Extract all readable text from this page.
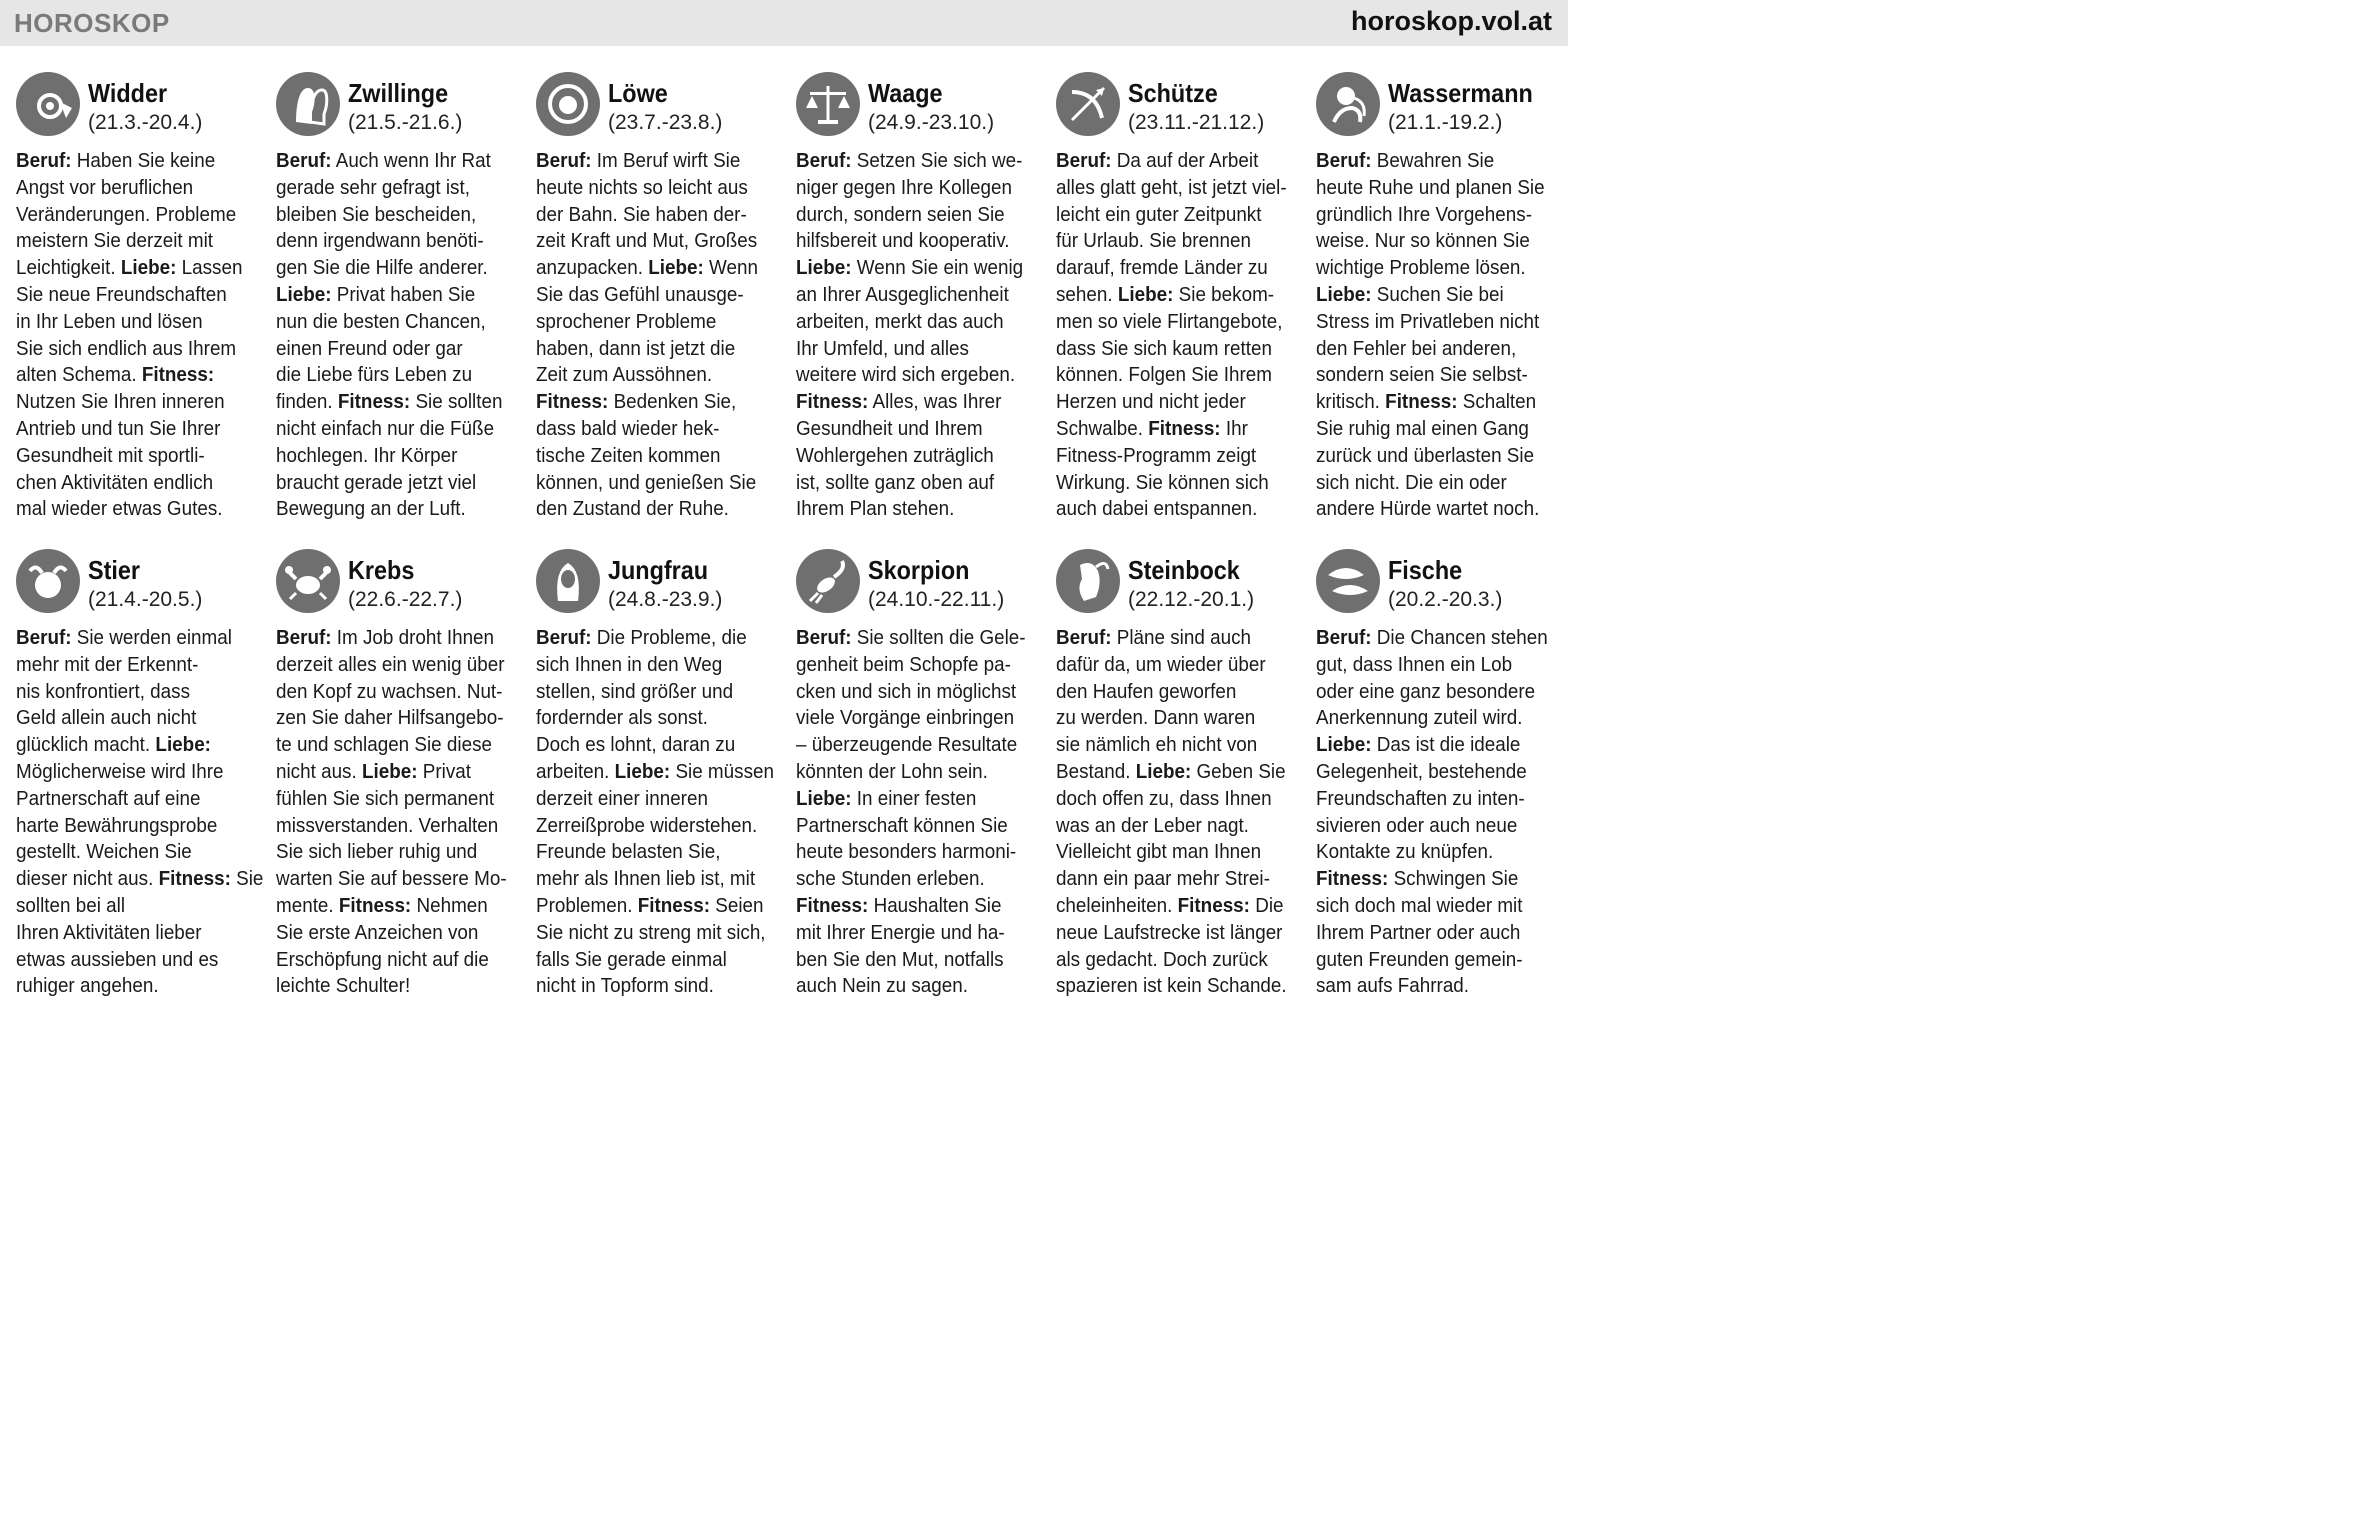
HOROSKOP	horoskop.vol.at
Widder
(21.3.-20.4.)
Beruf: Haben Sie keine
Angst vor beruflichen
Veränderungen. Probleme
meistern Sie derzeit mit
Leichtigkeit. Liebe: Lassen
Sie neue Freundschaften
in Ihr Leben und lösen
Sie sich endlich aus Ihrem
alten Schema. Fitness:
Nutzen Sie Ihren inneren
Antrieb und tun Sie Ihrer
Gesundheit mit sportli-
chen Aktivitäten endlich
mal wieder etwas Gutes.
Zwillinge
(21.5.-21.6.)
Beruf: Auch wenn Ihr Rat
gerade sehr gefragt ist,
bleiben Sie bescheiden,
denn irgendwann benöti-
gen Sie die Hilfe anderer. Liebe: Privat haben Sie
nun die besten Chancen,
einen Freund oder gar
die Liebe fürs Leben zu
finden. Fitness: Sie sollten
nicht einfach nur die Füße
hochlegen. Ihr Körper
braucht gerade jetzt viel
Bewegung an der Luft.
Löwe
(23.7.-23.8.)
Beruf: Im Beruf wirft Sie
heute nichts so leicht aus
der Bahn. Sie haben der-
zeit Kraft und Mut, Großes
anzupacken. Liebe: Wenn
Sie das Gefühl unausge-
sprochener Probleme
haben, dann ist jetzt die
Zeit zum Aussöhnen. Fitness: Bedenken Sie,
dass bald wieder hek-
tische Zeiten kommen
können, und genießen Sie
den Zustand der Ruhe.
Waage
(24.9.-23.10.)
Beruf: Setzen Sie sich we-
niger gegen Ihre Kollegen
durch, sondern seien Sie
hilfsbereit und kooperativ. Liebe: Wenn Sie ein wenig
an Ihrer Ausgeglichenheit
arbeiten, merkt das auch
Ihr Umfeld, und alles
weitere wird sich ergeben. Fitness: Alles, was Ihrer
Gesundheit und Ihrem
Wohlergehen zuträglich
ist, sollte ganz oben auf
Ihrem Plan stehen.
Schütze
(23.11.-21.12.)
Beruf: Da auf der Arbeit
alles glatt geht, ist jetzt viel-
leicht ein guter Zeitpunkt
für Urlaub. Sie brennen
darauf, fremde Länder zu
sehen. Liebe: Sie bekom-
men so viele Flirtangebote,
dass Sie sich kaum retten
können. Folgen Sie Ihrem
Herzen und nicht jeder
Schwalbe. Fitness: Ihr
Fitness-Programm zeigt
Wirkung. Sie können sich
auch dabei entspannen.
Wassermann
(21.1.-19.2.)
Beruf: Bewahren Sie
heute Ruhe und planen Sie
gründlich Ihre Vorgehens-
weise. Nur so können Sie
wichtige Probleme lösen. Liebe: Suchen Sie bei
Stress im Privatleben nicht
den Fehler bei anderen,
sondern seien Sie selbst-
kritisch. Fitness: Schalten
Sie ruhig mal einen Gang
zurück und überlasten Sie
sich nicht. Die ein oder
andere Hürde wartet noch.
Stier
(21.4.-20.5.)
Beruf: Sie werden einmal
mehr mit der Erkennt-
nis konfrontiert, dass
Geld allein auch nicht
glücklich macht. Liebe:
Möglicherweise wird Ihre
Partnerschaft auf eine
harte Bewährungsprobe
gestellt. Weichen Sie
dieser nicht aus. Fitness: Sie sollten bei all
Ihren Aktivitäten lieber
etwas aussieben und es
ruhiger angehen.
Krebs
(22.6.-22.7.)
Beruf: Im Job droht Ihnen
derzeit alles ein wenig über
den Kopf zu wachsen. Nut-
zen Sie daher Hilfsangebo-
te und schlagen Sie diese
nicht aus. Liebe: Privat
fühlen Sie sich permanent
missverstanden. Verhalten
Sie sich lieber ruhig und
warten Sie auf bessere Mo-
mente. Fitness: Nehmen
Sie erste Anzeichen von
Erschöpfung nicht auf die
leichte Schulter!
Jungfrau
(24.8.-23.9.)
Beruf: Die Probleme, die
sich Ihnen in den Weg
stellen, sind größer und
fordernder als sonst.
Doch es lohnt, daran zu
arbeiten. Liebe: Sie müssen
derzeit einer inneren
Zerreißprobe widerstehen.
Freunde belasten Sie,
mehr als Ihnen lieb ist, mit
Problemen. Fitness: Seien
Sie nicht zu streng mit sich,
falls Sie gerade einmal
nicht in Topform sind.
Skorpion
(24.10.-22.11.)
Beruf: Sie sollten die Gele-
genheit beim Schopfe pa-
cken und sich in möglichst
viele Vorgänge einbringen
– überzeugende Resultate
könnten der Lohn sein. Liebe: In einer festen
Partnerschaft können Sie
heute besonders harmoni-
sche Stunden erleben. Fitness: Haushalten Sie
mit Ihrer Energie und ha-
ben Sie den Mut, notfalls
auch Nein zu sagen.
Steinbock
(22.12.-20.1.)
Beruf: Pläne sind auch
dafür da, um wieder über
den Haufen geworfen
zu werden. Dann waren
sie nämlich eh nicht von
Bestand. Liebe: Geben Sie
doch offen zu, dass Ihnen
was an der Leber nagt.
Vielleicht gibt man Ihnen
dann ein paar mehr Strei-
cheleinheiten. Fitness: Die
neue Laufstrecke ist länger
als gedacht. Doch zurück
spazieren ist kein Schande.
Fische
(20.2.-20.3.)
Beruf: Die Chancen stehen
gut, dass Ihnen ein Lob
oder eine ganz besondere
Anerkennung zuteil wird. Liebe: Das ist die ideale
Gelegenheit, bestehende
Freundschaften zu inten-
sivieren oder auch neue
Kontakte zu knüpfen. Fitness: Schwingen Sie
sich doch mal wieder mit
Ihrem Partner oder auch
guten Freunden gemein-
sam aufs Fahrrad.
